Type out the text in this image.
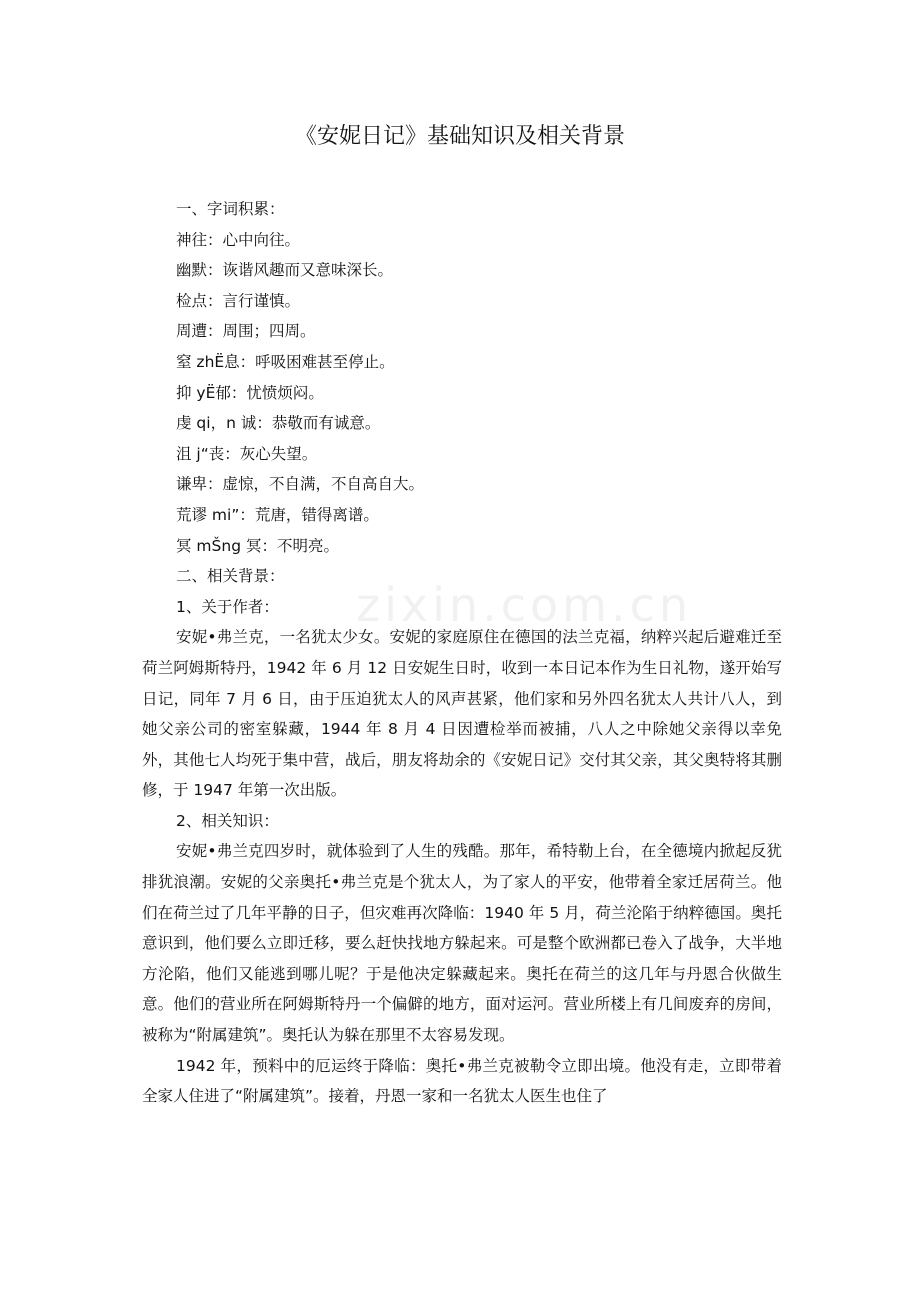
zixin.com.cn
《安妮日记》基础知识及相关背景

一、字词积累：

神往：心中向往。

幽默：诙谐风趣而又意味深长。

检点：言行谨慎。

周遭：周围；四周。

窒 zhЁ息：呼吸困难甚至停止。

抑 yЁ郁：忧愤烦闷。

虔 qi，n 诚：恭敬而有诚意。

沮 j“丧：灰心失望。

谦卑：虚惊，不自满，不自高自大。

荒谬 mi”：荒唐，错得离谱。

冥 mŠng 冥：不明亮。

二、相关背景：

1、关于作者：

安妮•弗兰克，一名犹太少女。安妮的家庭原住在德国的法兰克福，纳粹兴起后避难迁至荷兰阿姆斯特丹，1942 年 6 月 12 日安妮生日时，收到一本日记本作为生日礼物，遂开始写日记，同年 7 月 6 日，由于压迫犹太人的风声甚紧，他们家和另外四名犹太人共计八人，到她父亲公司的密室躲藏，1944 年 8 月 4 日因遭检举而被捕，八人之中除她父亲得以幸免外，其他七人均死于集中营，战后，朋友将劫余的《安妮日记》交付其父亲，其父奥特将其删修，于 1947 年第一次出版。

2、相关知识：

安妮•弗兰克四岁时，就体验到了人生的残酷。那年，希特勒上台，在全德境内掀起反犹排犹浪潮。安妮的父亲奥托•弗兰克是个犹太人，为了家人的平安，他带着全家迁居荷兰。他们在荷兰过了几年平静的日子，但灾难再次降临：1940 年 5 月，荷兰沦陷于纳粹德国。奥托意识到，他们要么立即迁移，要么赶快找地方躲起来。可是整个欧洲都已卷入了战争，大半地方沦陷，他们又能逃到哪儿呢？于是他决定躲藏起来。奥托在荷兰的这几年与丹恩合伙做生意。他们的营业所在阿姆斯特丹一个偏僻的地方，面对运河。营业所楼上有几间废弃的房间，被称为“附属建筑”。奥托认为躲在那里不太容易发现。

1942 年，预料中的厄运终于降临：奥托•弗兰克被勒令立即出境。他没有走，立即带着全家人住进了“附属建筑”。接着，丹恩一家和一名犹太人医生也住了
